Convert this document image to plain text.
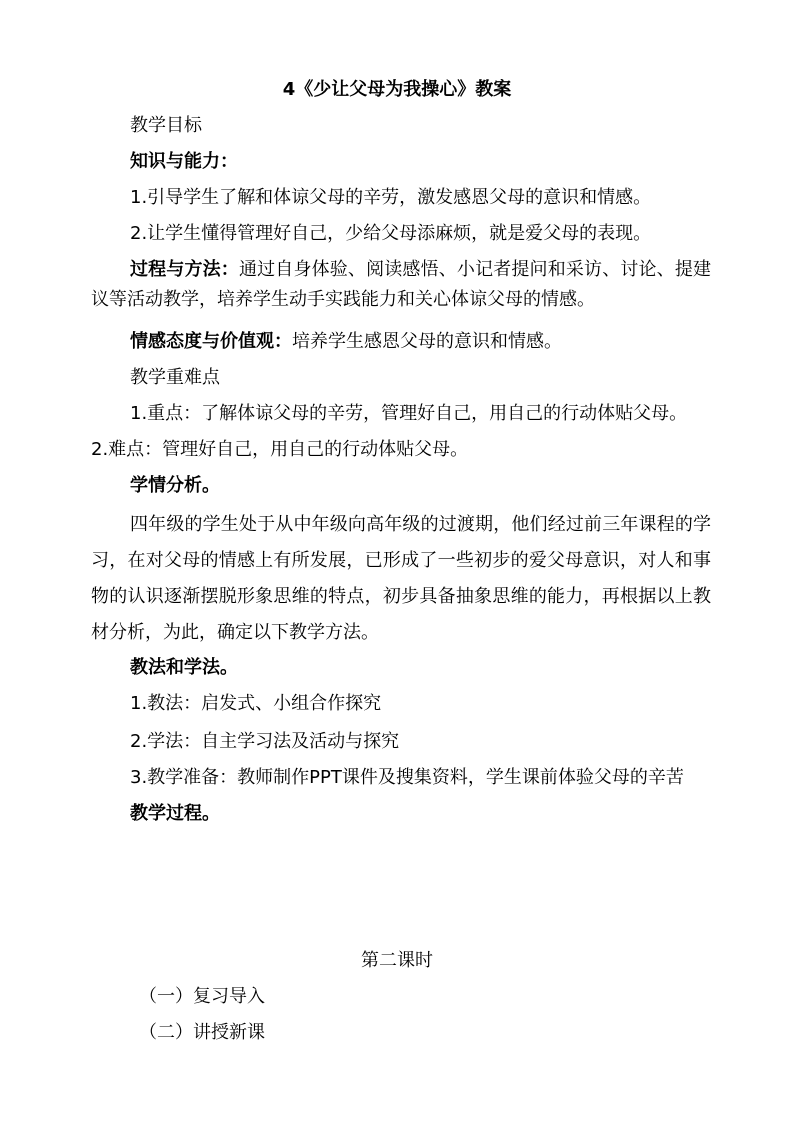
4《少让父母为我操心》教案
教学目标
知识与能力：
1.引导学生了解和体谅父母的辛劳，激发感恩父母的意识和情感。
2.让学生懂得管理好自己，少给父母添麻烦，就是爱父母的表现。
过程与方法：通过自身体验、阅读感悟、小记者提问和采访、讨论、提建议等活动教学，培养学生动手实践能力和关心体谅父母的情感。
情感态度与价值观：培养学生感恩父母的意识和情感。
教学重难点
1.重点：了解体谅父母的辛劳，管理好自己，用自己的行动体贴父母。
2.难点：管理好自己，用自己的行动体贴父母。
学情分析。
四年级的学生处于从中年级向高年级的过渡期，他们经过前三年课程的学习，在对父母的情感上有所发展，已形成了一些初步的爱父母意识，对人和事物的认识逐渐摆脱形象思维的特点，初步具备抽象思维的能力，再根据以上教材分析，为此，确定以下教学方法。
教法和学法。
1.教法：启发式、小组合作探究
2.学法：自主学习法及活动与探究
3.教学准备：教师制作PPT课件及搜集资料，学生课前体验父母的辛苦
教学过程。
第二课时
（一）复习导入
（二）讲授新课
